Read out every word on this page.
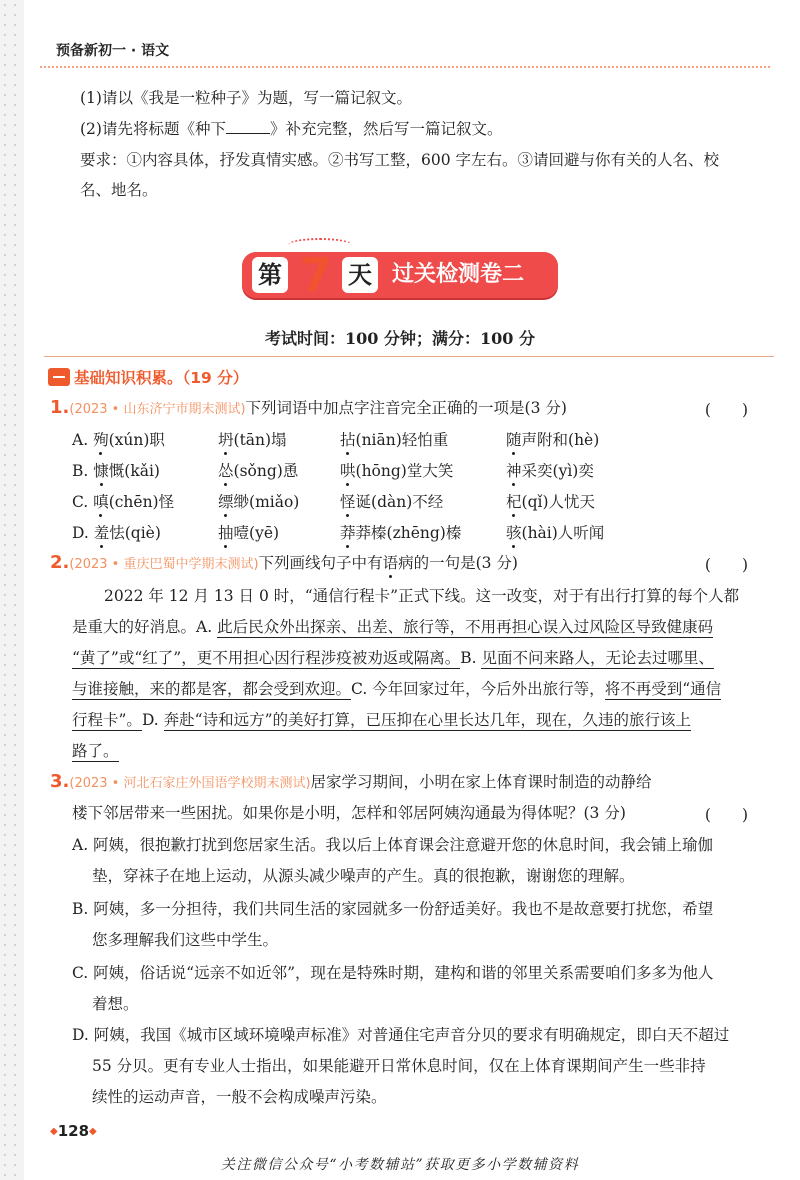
预备新初一 · 语文
(1)请以《我是一粒种子》为题，写一篇记叙文。
(2)请先将标题《种下	》补充完整，然后写一篇记叙文。
要求：①内容具体，抒发真情实感。②书写工整，600 字左右。③请回避与你有关的人名、校
名、地名。
第 7 天 过关检测卷二
考试时间：100 分钟；满分：100 分
基础知识积累。（19 分）
1.(2023 • 山东济宁市期末测试)下列词语中加点字注音完全正确的一项是(3 分)	(　　)
A. 殉(xún)职	坍(tān)塌	拈(niān)轻怕重	随声附和(hè)
B. 慷慨(kǎi)	怂(sǒng)恿	哄(hōng)堂大笑	神采奕(yì)奕
C. 嗔(chēn)怪	缥缈(miǎo)	怪诞(dàn)不经	杞(qǐ)人忧天
D. 羞怯(qiè)	抽噎(yē)	莽莽榛(zhēng)榛	骇(hài)人听闻
2.(2023 • 重庆巴蜀中学期末测试)下列画线句子中有语病的一句是(3 分)	(　　)
2022 年 12 月 13 日 0 时，“通信行程卡”正式下线。这一改变，对于有出行打算的每个人都
是重大的好消息。A. 此后民众外出探亲、出差、旅行等，不用再担心误入过风险区导致健康码
“黄了”或“红了”，更不用担心因行程涉疫被劝返或隔离。B. 见面不问来路人，无论去过哪里、
与谁接触，来的都是客，都会受到欢迎。C. 今年回家过年，今后外出旅行等，将不再受到“通信
行程卡”。D. 奔赴“诗和远方”的美好打算，已压抑在心里长达几年，现在，久违的旅行该上
路了。
3.(2023 • 河北石家庄外国语学校期末测试)居家学习期间，小明在家上体育课时制造的动静给
楼下邻居带来一些困扰。如果你是小明，怎样和邻居阿姨沟通最为得体呢？(3 分)	(　　)
A. 阿姨，很抱歉打扰到您居家生活。我以后上体育课会注意避开您的休息时间，我会铺上瑜伽
垫，穿袜子在地上运动，从源头减少噪声的产生。真的很抱歉，谢谢您的理解。
B. 阿姨，多一分担待，我们共同生活的家园就多一份舒适美好。我也不是故意要打扰您，希望
您多理解我们这些中学生。
C. 阿姨，俗话说“远亲不如近邻”，现在是特殊时期，建构和谐的邻里关系需要咱们多多为他人
着想。
D. 阿姨，我国《城市区域环境噪声标准》对普通住宅声音分贝的要求有明确规定，即白天不超过
55 分贝。更有专业人士指出，如果能避开日常休息时间，仅在上体育课期间产生一些非持
续性的运动声音，一般不会构成噪声污染。
◆128◆
关注微信公众号“小考数辅站”获取更多小学数辅资料
